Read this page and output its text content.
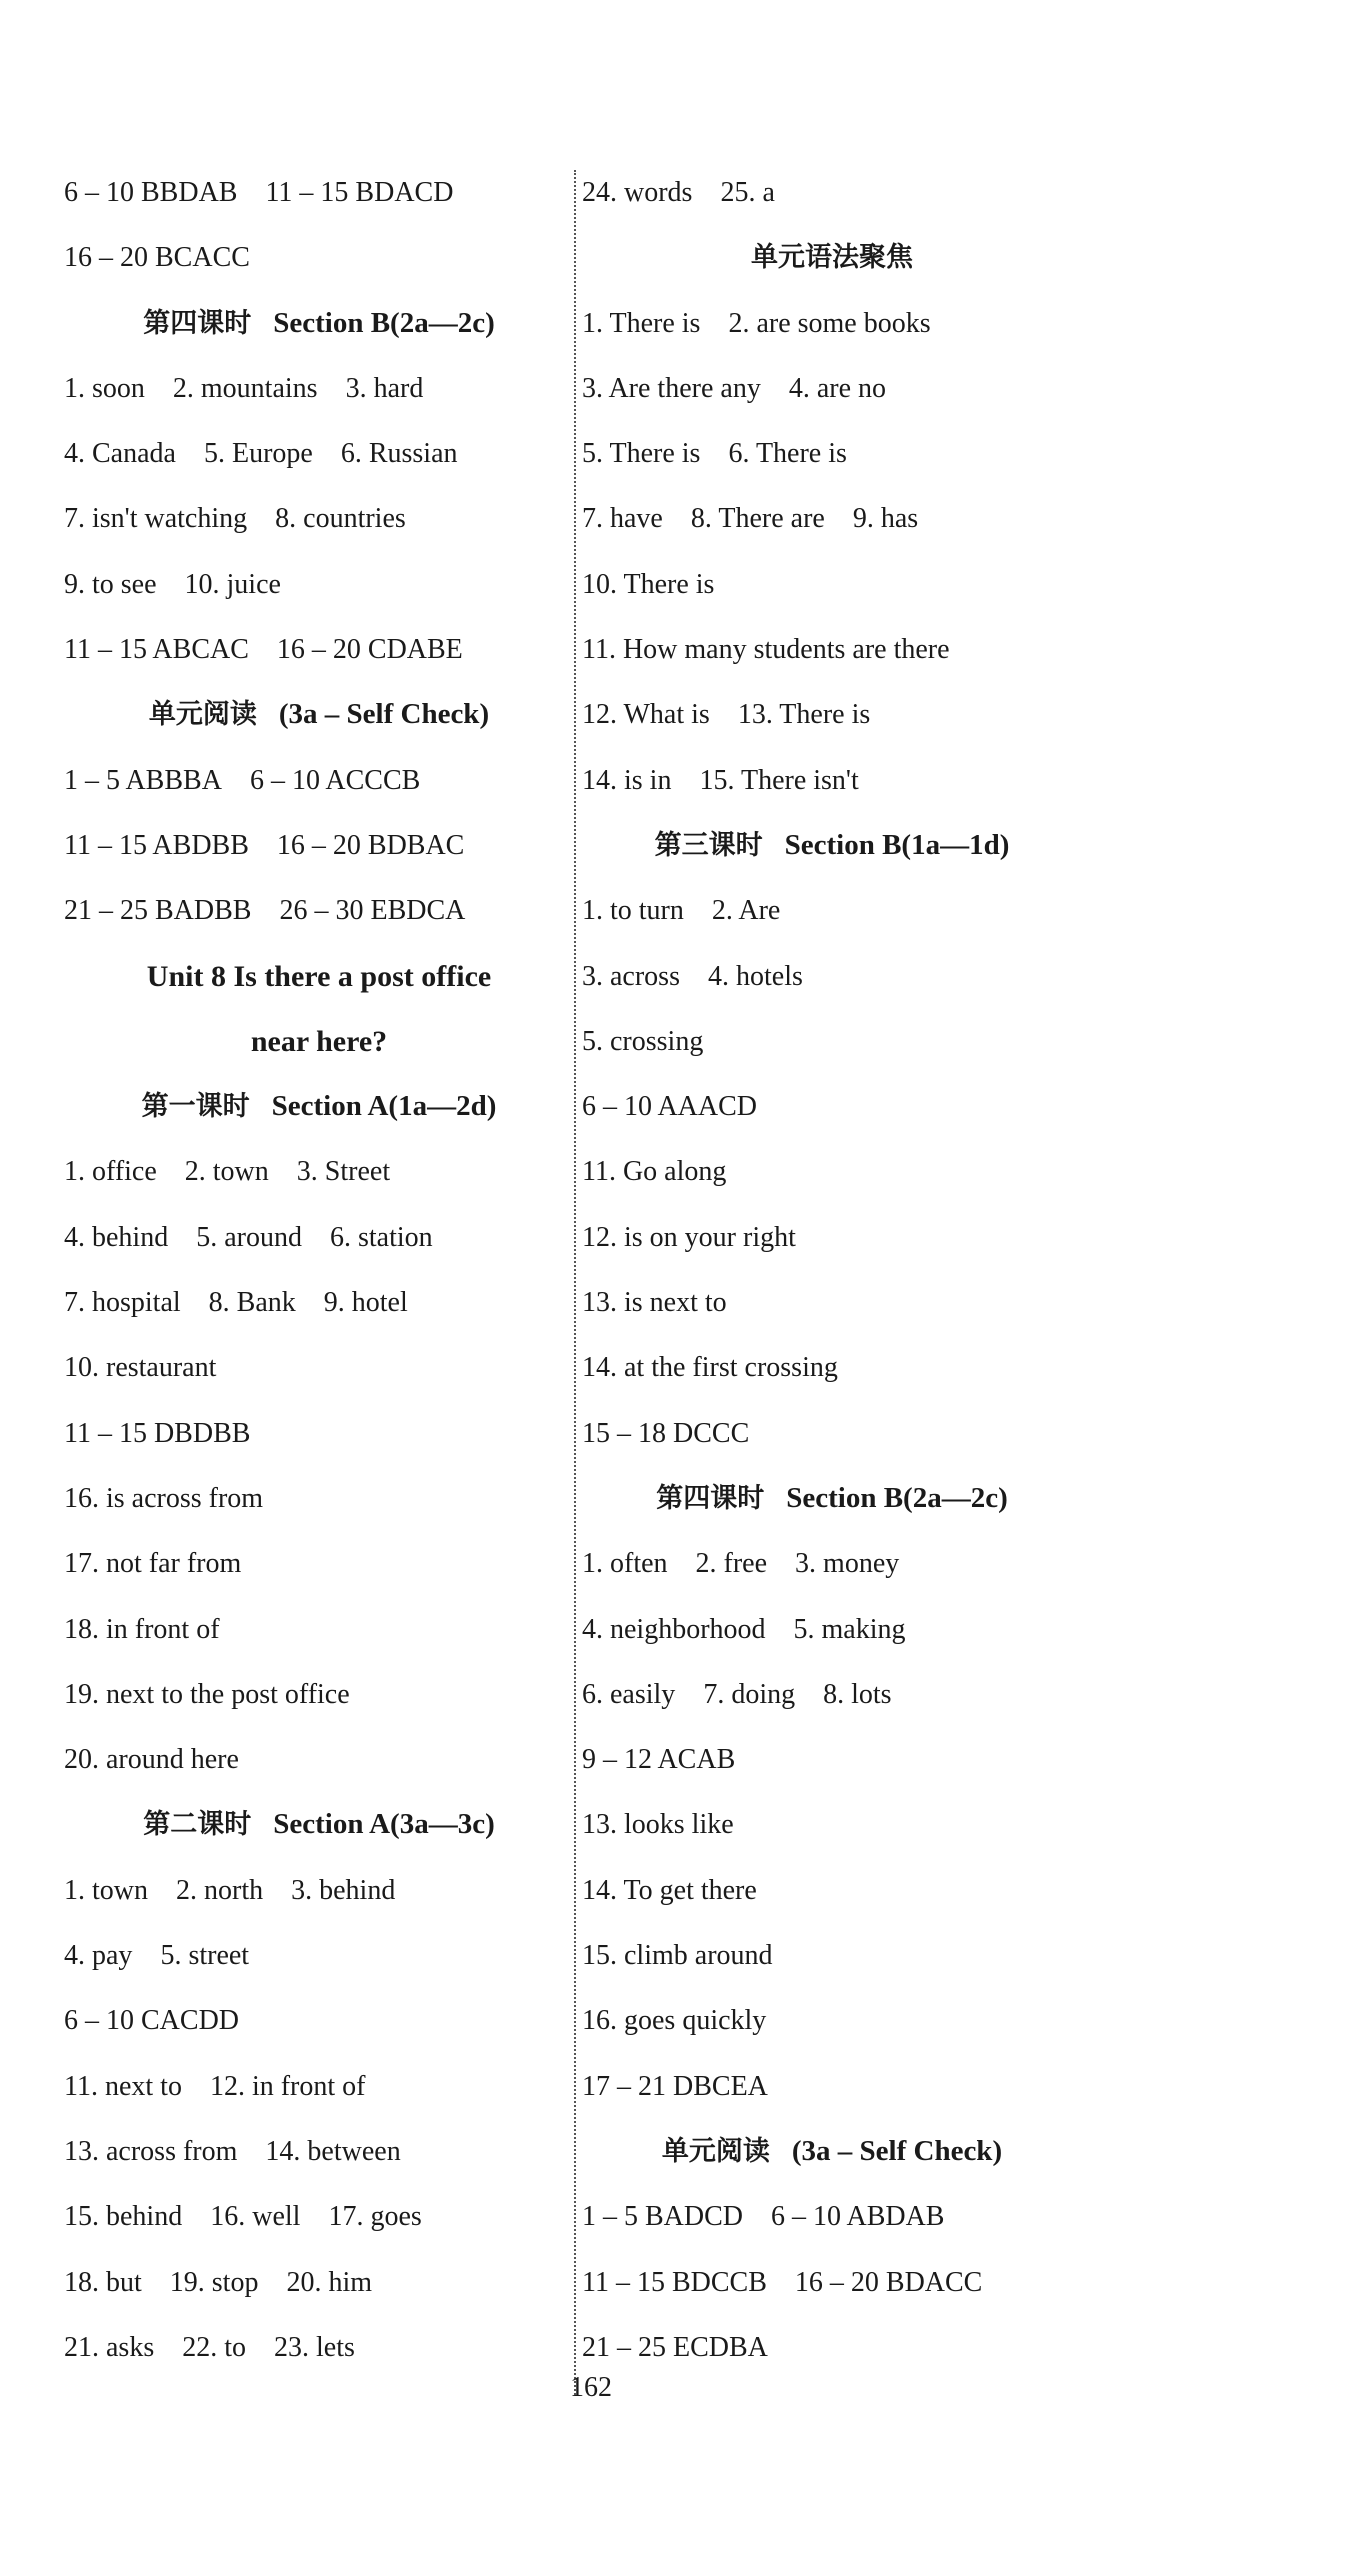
6 – 10 BBDAB 11 – 15 BDACD
16 – 20 BCACC
第四课时 Section B(2a—2c)
1. soon 2. mountains 3. hard
4. Canada 5. Europe 6. Russian
7. isn't watching 8. countries
9. to see 10. juice
11 – 15 ABCAC 16 – 20 CDABE
单元阅读 (3a – Self Check)
1 – 5 ABBBA 6 – 10 ACCCB
11 – 15 ABDBB 16 – 20 BDBAC
21 – 25 BADBB 26 – 30 EBDCA
Unit 8 Is there a post office
near here?
第一课时 Section A(1a—2d)
1. office 2. town 3. Street
4. behind 5. around 6. station
7. hospital 8. Bank 9. hotel
10. restaurant
11 – 15 DBDBB
16. is across from
17. not far from
18. in front of
19. next to the post office
20. around here
第二课时 Section A(3a—3c)
1. town 2. north 3. behind
4. pay 5. street
6 – 10 CACDD
11. next to 12. in front of
13. across from 14. between
15. behind 16. well 17. goes
18. but 19. stop 20. him
21. asks 22. to 23. lets
24. words 25. a
单元语法聚焦
1. There is 2. are some books
3. Are there any 4. are no
5. There is 6. There is
7. have 8. There are 9. has
10. There is
11. How many students are there
12. What is 13. There is
14. is in 15. There isn't
第三课时 Section B(1a—1d)
1. to turn 2. Are
3. across 4. hotels
5. crossing
6 – 10 AAACD
11. Go along
12. is on your right
13. is next to
14. at the first crossing
15 – 18 DCCC
第四课时 Section B(2a—2c)
1. often 2. free 3. money
4. neighborhood 5. making
6. easily 7. doing 8. lots
9 – 12 ACAB
13. looks like
14. To get there
15. climb around
16. goes quickly
17 – 21 DBCEA
单元阅读 (3a – Self Check)
1 – 5 BADCD 6 – 10 ABDAB
11 – 15 BDCCB 16 – 20 BDACC
21 – 25 ECDBA
162
